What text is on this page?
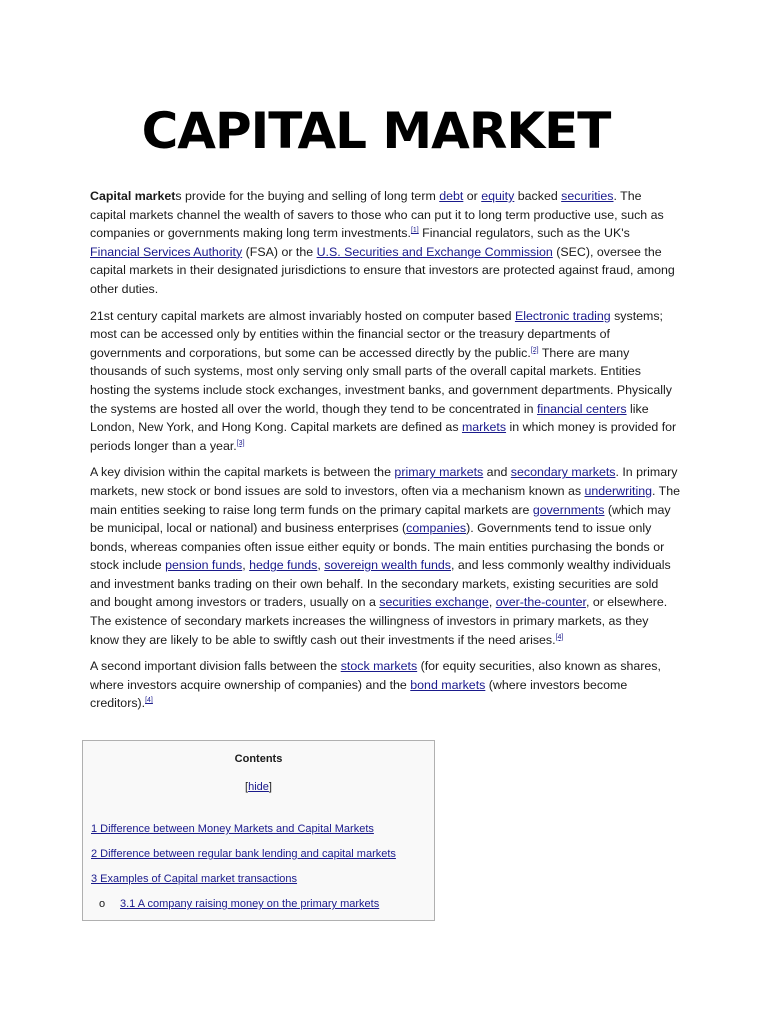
CAPITAL MARKET

Capital markets provide for the buying and selling of long term debt or equity backed securities. The capital markets channel the wealth of savers to those who can put it to long term productive use, such as companies or governments making long term investments.[1] Financial regulators, such as the UK's Financial Services Authority (FSA) or the U.S. Securities and Exchange Commission (SEC), oversee the capital markets in their designated jurisdictions to ensure that investors are protected against fraud, among other duties.

21st century capital markets are almost invariably hosted on computer based Electronic trading systems; most can be accessed only by entities within the financial sector or the treasury departments of governments and corporations, but some can be accessed directly by the public.[2] There are many thousands of such systems, most only serving only small parts of the overall capital markets. Entities hosting the systems include stock exchanges, investment banks, and government departments. Physically the systems are hosted all over the world, though they tend to be concentrated in financial centers like London, New York, and Hong Kong. Capital markets are defined as markets in which money is provided for periods longer than a year.[3]

A key division within the capital markets is between the primary markets and secondary markets. In primary markets, new stock or bond issues are sold to investors, often via a mechanism known as underwriting. The main entities seeking to raise long term funds on the primary capital markets are governments (which may be municipal, local or national) and business enterprises (companies). Governments tend to issue only bonds, whereas companies often issue either equity or bonds. The main entities purchasing the bonds or stock include pension funds, hedge funds, sovereign wealth funds, and less commonly wealthy individuals and investment banks trading on their own behalf. In the secondary markets, existing securities are sold and bought among investors or traders, usually on a securities exchange, over-the-counter, or elsewhere. The existence of secondary markets increases the willingness of investors in primary markets, as they know they are likely to be able to swiftly cash out their investments if the need arises.[4]

A second important division falls between the stock markets (for equity securities, also known as shares, where investors acquire ownership of companies) and the bond markets (where investors become creditors).[4]

Contents
[hide]
1 Difference between Money Markets and Capital Markets
2 Difference between regular bank lending and capital markets
3 Examples of Capital market transactions
o 3.1 A company raising money on the primary markets
